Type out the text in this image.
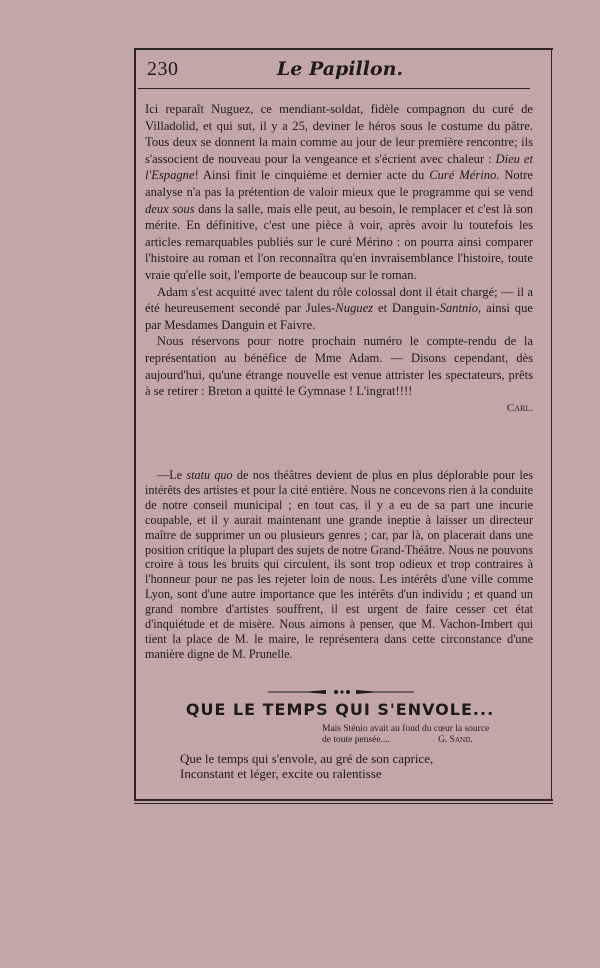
230	Le Papillon.

Ici reparaît Nuguez, ce mendiant-soldat, fidèle compagnon du curé de Villadolid, et qui sut, il y a 25, deviner le héros sous le costume du pâtre. Tous deux se donnent la main comme au jour de leur première rencontre; ils s'associent de nouveau pour la vengeance et s'écrient avec chaleur : Dieu et l'Espagne! Ainsi finit le cinquième et dernier acte du Curé Mérino. Notre analyse n'a pas la prétention de valoir mieux que le programme qui se vend deux sous dans la salle, mais elle peut, au besoin, le remplacer et c'est là son mérite. En définitive, c'est une pièce à voir, après avoir lu toutefois les articles remarquables publiés sur le curé Mérino : on pourra ainsi comparer l'histoire au roman et l'on reconnaîtra qu'en invraisemblance l'histoire, toute vraie qu'elle soit, l'emporte de beaucoup sur le roman.

Adam s'est acquitté avec talent du rôle colossal dont il était chargé; — il a été heureusement secondé par Jules-Nuguez et Danguin-Santnio, ainsi que par Mesdames Danguin et Faivre.

Nous réservons pour notre prochain numéro le compte-rendu de la représentation au bénéfice de Mme Adam. — Disons cependant, dès aujourd'hui, qu'une étrange nouvelle est venue attrister les spectateurs, prêts à se retirer : Breton a quitté le Gymnase ! L'ingrat!!!!

Carl.

—Le statu quo de nos théâtres devient de plus en plus déplorable pour les intérêts des artistes et pour la cité entière. Nous ne concevons rien à la conduite de notre conseil municipal ; en tout cas, il y a eu de sa part une incurie coupable, et il y aurait maintenant une grande ineptie à laisser un directeur maître de supprimer un ou plusieurs genres ; car, par là, on placerait dans une position critique la plupart des sujets de notre Grand-Théâtre. Nous ne pouvons croire à tous les bruits qui circulent, ils sont trop odieux et trop contraires à l'honneur pour ne pas les rejeter loin de nous. Les intérêts d'une ville comme Lyon, sont d'une autre importance que les intérêts d'un individu ; et quand un grand nombre d'artistes souffrent, il est urgent de faire cesser cet état d'inquiétude et de misère. Nous aimons à penser, que M. Vachon-Imbert qui tient la place de M. le maire, le représentera dans cette circonstance d'une manière digne de M. Prunelle.

QUE LE TEMPS QUI S'ENVOLE...
Mais Sténio avait au fond du cœur la source
de toute pensée....	G. Sand.
Que le temps qui s'envole, au gré de son caprice,
Inconstant et léger, excite ou ralentisse
